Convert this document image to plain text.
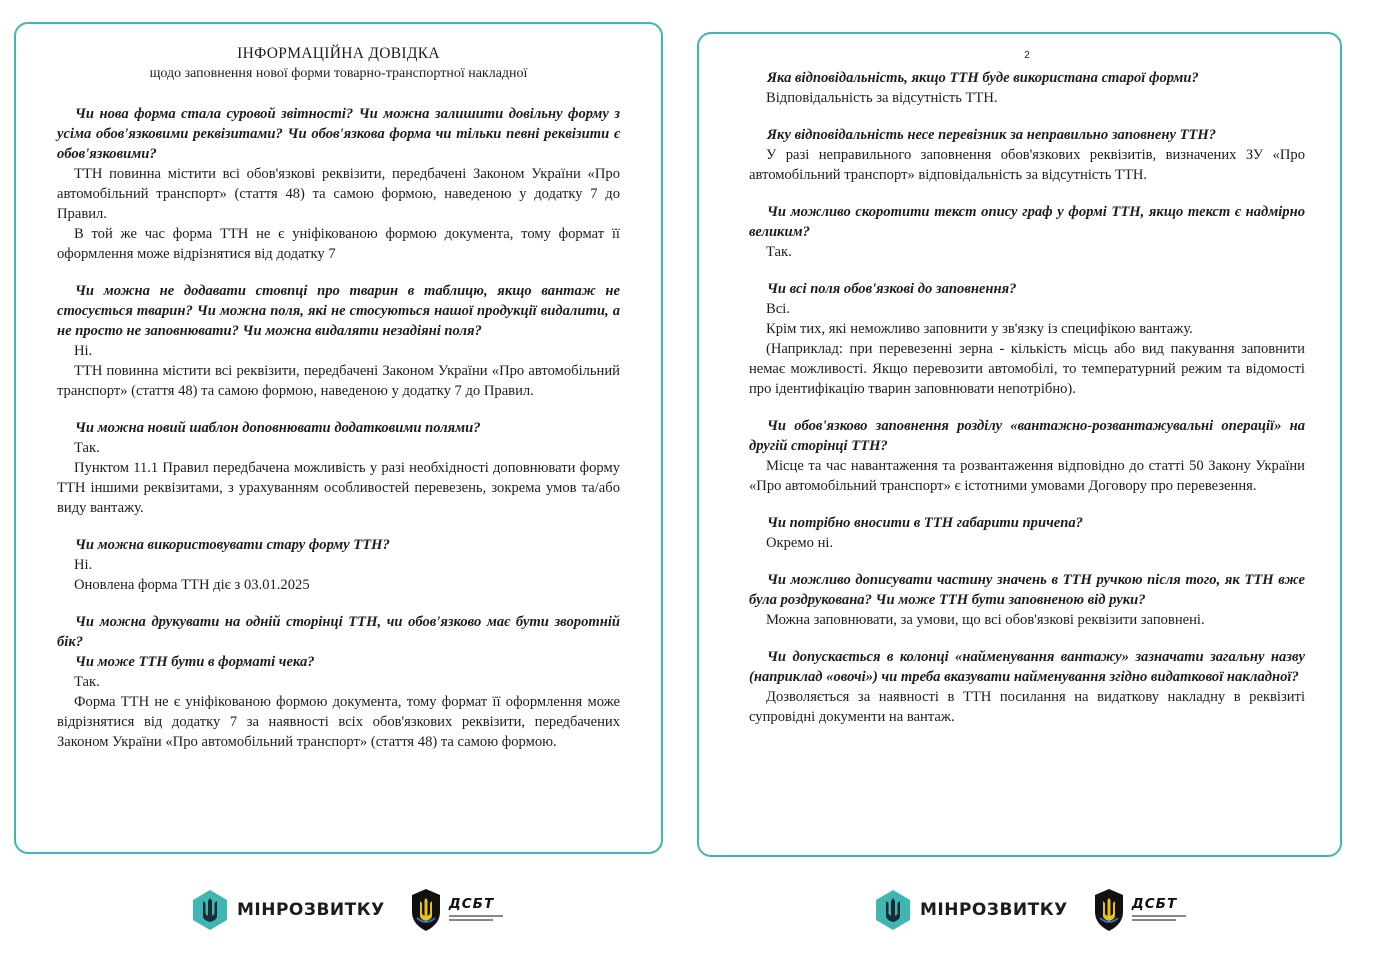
ІНФОРМАЦІЙНА ДОВІДКА

щодо заповнення нової форми товарно-транспортної накладної

Чи нова форма стала суровой звітності? Чи можна залишити довільну форму з усіма обов'язковими реквізитами? Чи обов'язкова форма чи тільки певні реквізити є обов'язковими?

ТТН повинна містити всі обов'язкові реквізити, передбачені Законом України «Про автомобільний транспорт» (стаття 48) та самою формою, наведеною у додатку 7 до Правил.

В той же час форма ТТН не є уніфікованою формою документа, тому формат її оформлення може відрізнятися від додатку 7

Чи можна не додавати стовпці про тварин в таблицю, якщо вантаж не стосується тварин? Чи можна поля, які не стосуються нашої продукції видалити, а не просто не заповнювати? Чи можна видаляти незадіяні поля?

Ні.

ТТН повинна містити всі реквізити, передбачені Законом України «Про автомобільний транспорт» (стаття 48) та самою формою, наведеною у додатку 7 до Правил.

Чи можна новий шаблон доповнювати додатковими полями?

Так.

Пунктом 11.1 Правил передбачена можливість у разі необхідності доповнювати форму ТТН іншими реквізитами, з урахуванням особливостей перевезень, зокрема умов та/або виду вантажу.

Чи можна використовувати стару форму ТТН?

Ні.

Оновлена форма ТТН діє з 03.01.2025

Чи можна друкувати на одній сторінці ТТН, чи обов'язково має бути зворотній бік?

Чи може ТТН бути в форматі чека?

Так.

Форма ТТН не є уніфікованою формою документа, тому формат її оформлення може відрізнятися від додатку 7 за наявності всіх обов'язкових реквізити, передбачених Законом України «Про автомобільний транспорт» (стаття 48) та самою формою.

2

Яка відповідальність, якщо ТТН буде використана старої форми?

Відповідальність за відсутність ТТН.

Яку відповідальність несе перевізник за неправильно заповнену ТТН?

У разі неправильного заповнення обов'язкових реквізитів, визначених ЗУ «Про автомобільний транспорт» відповідальність за відсутність ТТН.

Чи можливо скоротити текст опису граф у формі ТТН, якщо текст є надмірно великим?

Так.

Чи всі поля обов'язкові до заповнення?

Всі.

Крім тих, які неможливо заповнити у зв'язку із специфікою вантажу.

(Наприклад: при перевезенні зерна - кількість місць або вид пакування заповнити немає можливості. Якщо перевозити автомобілі, то температурний режим та відомості про ідентифікацію тварин заповнювати непотрібно).

Чи обов'язково заповнення розділу «вантажно-розвантажувальні операції» на другій сторінці ТТН?

Місце та час навантаження та розвантаження відповідно до статті 50 Закону України «Про автомобільний транспорт» є істотними умовами Договору про перевезення.

Чи потрібно вносити в ТТН габарити причепа?

Окремо ні.

Чи можливо дописувати частину значень в ТТН ручкою після того, як ТТН вже була роздрукована? Чи може ТТН бути заповненою від руки?

Можна заповнювати, за умови, що всі обов'язкові реквізити заповнені.

Чи допускається в колонці «найменування вантажу» зазначати загальну назву (наприклад «овочі») чи треба вказувати найменування згідно видаткової накладної?

Дозволяється за наявності в ТТН посилання на видаткову накладну в реквізиті супровідні документи на вантаж.

МІНРОЗВИТКУ	ДСБТ	МІНРОЗВИТКУ	ДСБТ
